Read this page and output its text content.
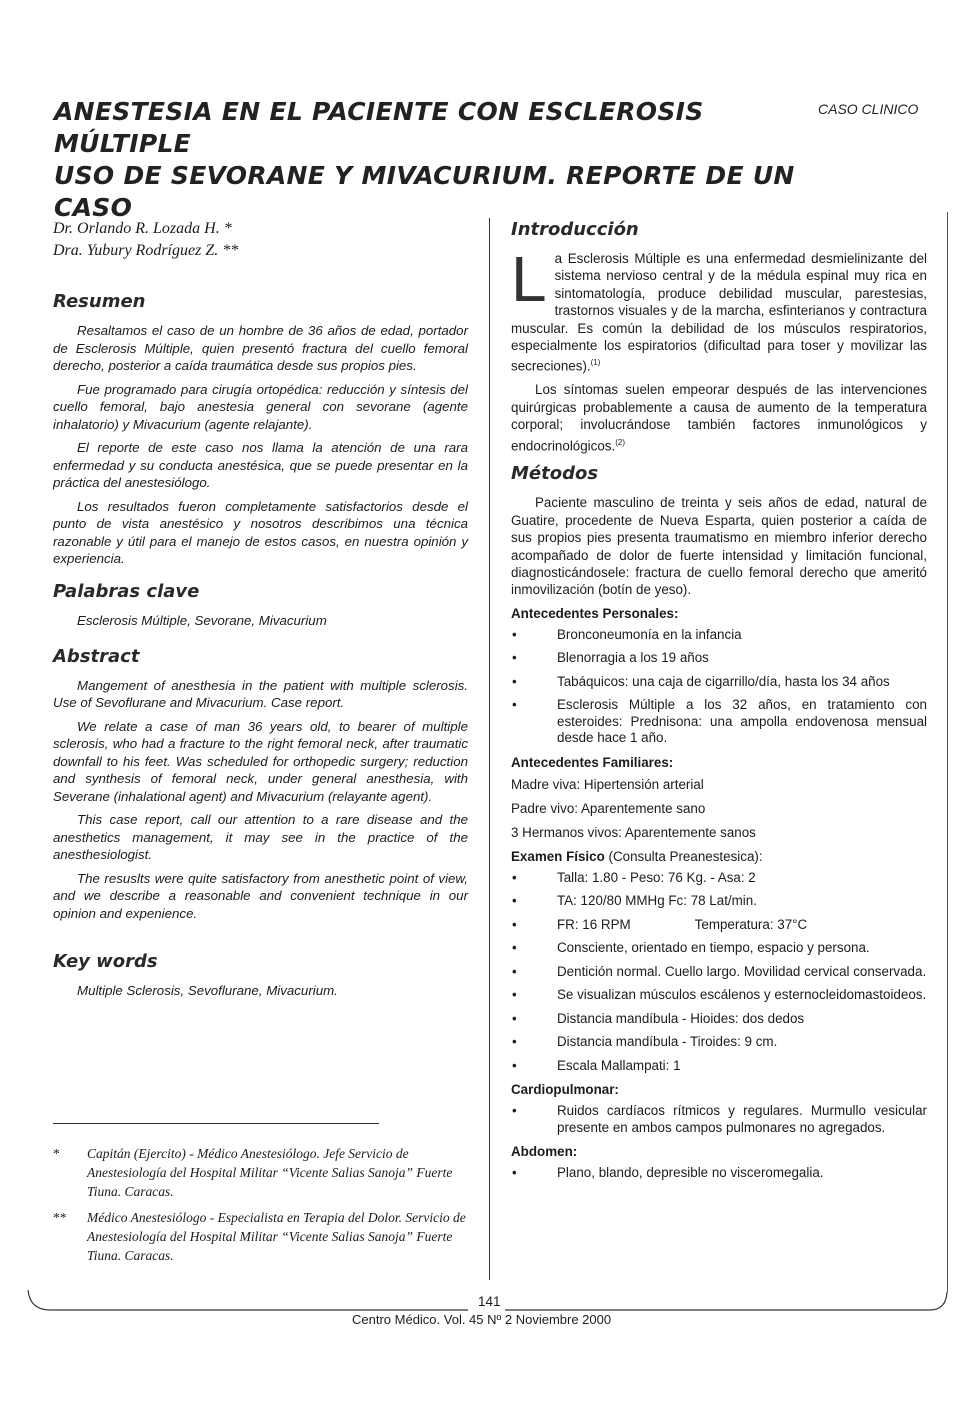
ANESTESIA EN EL PACIENTE CON ESCLEROSIS MÚLTIPLE
USO DE SEVORANE Y MIVACURIUM. REPORTE DE UN CASO
CASO CLINICO
Dr. Orlando R. Lozada H. *
Dra. Yubury Rodríguez Z. **
Resumen

Resaltamos el caso de un hombre de 36 años de edad, portador de Esclerosis Múltiple, quien presentó fractura del cuello femoral derecho, posterior a caída traumática desde sus propios pies.

Fue programado para cirugía ortopédica: reducción y síntesis del cuello femoral, bajo anestesia general con sevorane (agente inhalatorio) y Mivacurium (agente relajante).

El reporte de este caso nos llama la atención de una rara enfermedad y su conducta anestésica, que se puede presentar en la práctica del anestesiólogo.

Los resultados fueron completamente satisfactorios desde el punto de vista anestésico y nosotros describimos una técnica razonable y útil para el manejo de estos casos, en nuestra opinión y experiencia.

Palabras clave
Esclerosis Múltiple, Sevorane, Mivacurium
Abstract

Mangement of anesthesia in the patient with multiple sclerosis. Use of Sevoflurane and Mivacurium. Case report.

We relate a case of man 36 years old, to bearer of multiple sclerosis, who had a fracture to the right femoral neck, after traumatic downfall to his feet. Was scheduled for orthopedic surgery; reduction and synthesis of femoral neck, under general anesthesia, with Severane (inhalational agent) and Mivacurium (relayante agent).

This case report, call our attention to a rare disease and the anesthetics management, it may see in the practice of the anesthesiologist.

The resuslts were quite satisfactory from anesthetic point of view, and we describe a reasonable and convenient technique in our opinion and expenience.

Key words
Multiple Sclerosis, Sevoflurane, Mivacurium.
* Capitán (Ejercito) - Médico Anestesiólogo. Jefe Servicio de Anestesiología del Hospital Militar “Vicente Salias Sanoja” Fuerte Tiuna. Caracas.
** Médico Anestesiólogo - Especialista en Terapia del Dolor. Servicio de Anestesiología del Hospital Militar “Vicente Salias Sanoja” Fuerte Tiuna. Caracas.
Introducción

La Esclerosis Múltiple es una enfermedad desmielinizante del sistema nervioso central y de la médula espinal muy rica en sintomatología, produce debilidad muscular, parestesias, trastornos visuales y de la marcha, esfinterianos y contractura muscular. Es común la debilidad de los músculos respiratorios, especialmente los espiratorios (dificultad para toser y movilizar las secreciones).$^{(1)}$

Los síntomas suelen empeorar después de las intervenciones quirúrgicas probablemente a causa de aumento de la temperatura corporal; involucrándose también factores inmunológicos y endocrinológicos.$^{(2)}$

Métodos

Paciente masculino de treinta y seis años de edad, natural de Guatire, procedente de Nueva Esparta, quien posterior a caída de sus propios pies presenta traumatismo en miembro inferior derecho acompañado de dolor de fuerte intensidad y limitación funcional, diagnosticándosele: fractura de cuello femoral derecho que ameritó inmovilización (botín de yeso).

Antecedentes Personales:
•	Bronconeumonía en la infancia
•	Blenorragia a los 19 años
•	Tabáquicos: una caja de cigarrillo/día, hasta los 34 años
•	Esclerosis Múltiple a los 32 años, en tratamiento con esteroides: Prednisona: una ampolla endovenosa mensual desde hace 1 año.
Antecedentes Familiares:
Madre viva: Hipertensión arterial
Padre vivo: Aparentemente sano
3 Hermanos vivos: Aparentemente sanos
Examen Físico (Consulta Preanestesica):
•	Talla: 1.80 - Peso: 76 Kg. - Asa: 2
•	TA: 120/80 MMHg Fc: 78 Lat/min.
•	FR: 16 RPM	Temperatura: 37°C
•	Consciente, orientado en tiempo, espacio y persona.
•	Dentición normal. Cuello largo. Movilidad cervical conservada.
•	Se visualizan músculos escálenos y esternocleidomastoideos.
•	Distancia mandíbula - Hioides: dos dedos
•	Distancia mandíbula - Tiroides: 9 cm.
•	Escala Mallampati: 1
Cardiopulmonar:
•	Ruidos cardíacos rítmicos y regulares. Murmullo vesicular presente en ambos campos pulmonares no agregados.
Abdomen:
•	Plano, blando, depresible no visceromegalia.
141
Centro Médico. Vol. 45 Nº 2 Noviembre 2000
